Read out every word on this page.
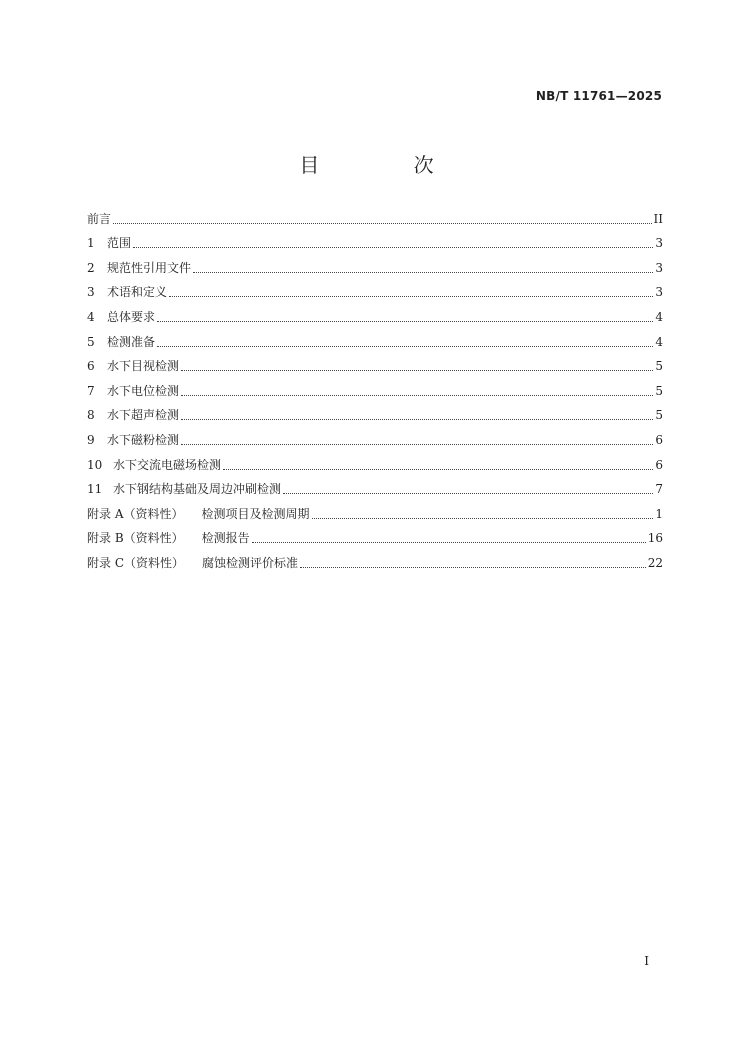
NB/T 11761—2025
目 次
前言	II
1	范围	3
2	规范性引用文件	3
3	术语和定义	3
4	总体要求	4
5	检测准备	4
6	水下目视检测	5
7	水下电位检测	5
8	水下超声检测	5
9	水下磁粉检测	6
10 水下交流电磁场检测	6
11 水下钢结构基础及周边冲刷检测	7
附录 A（资料性） 检测项目及检测周期	1
附录 B（资料性） 检测报告	16
附录 C（资料性） 腐蚀检测评价标准	22
I
